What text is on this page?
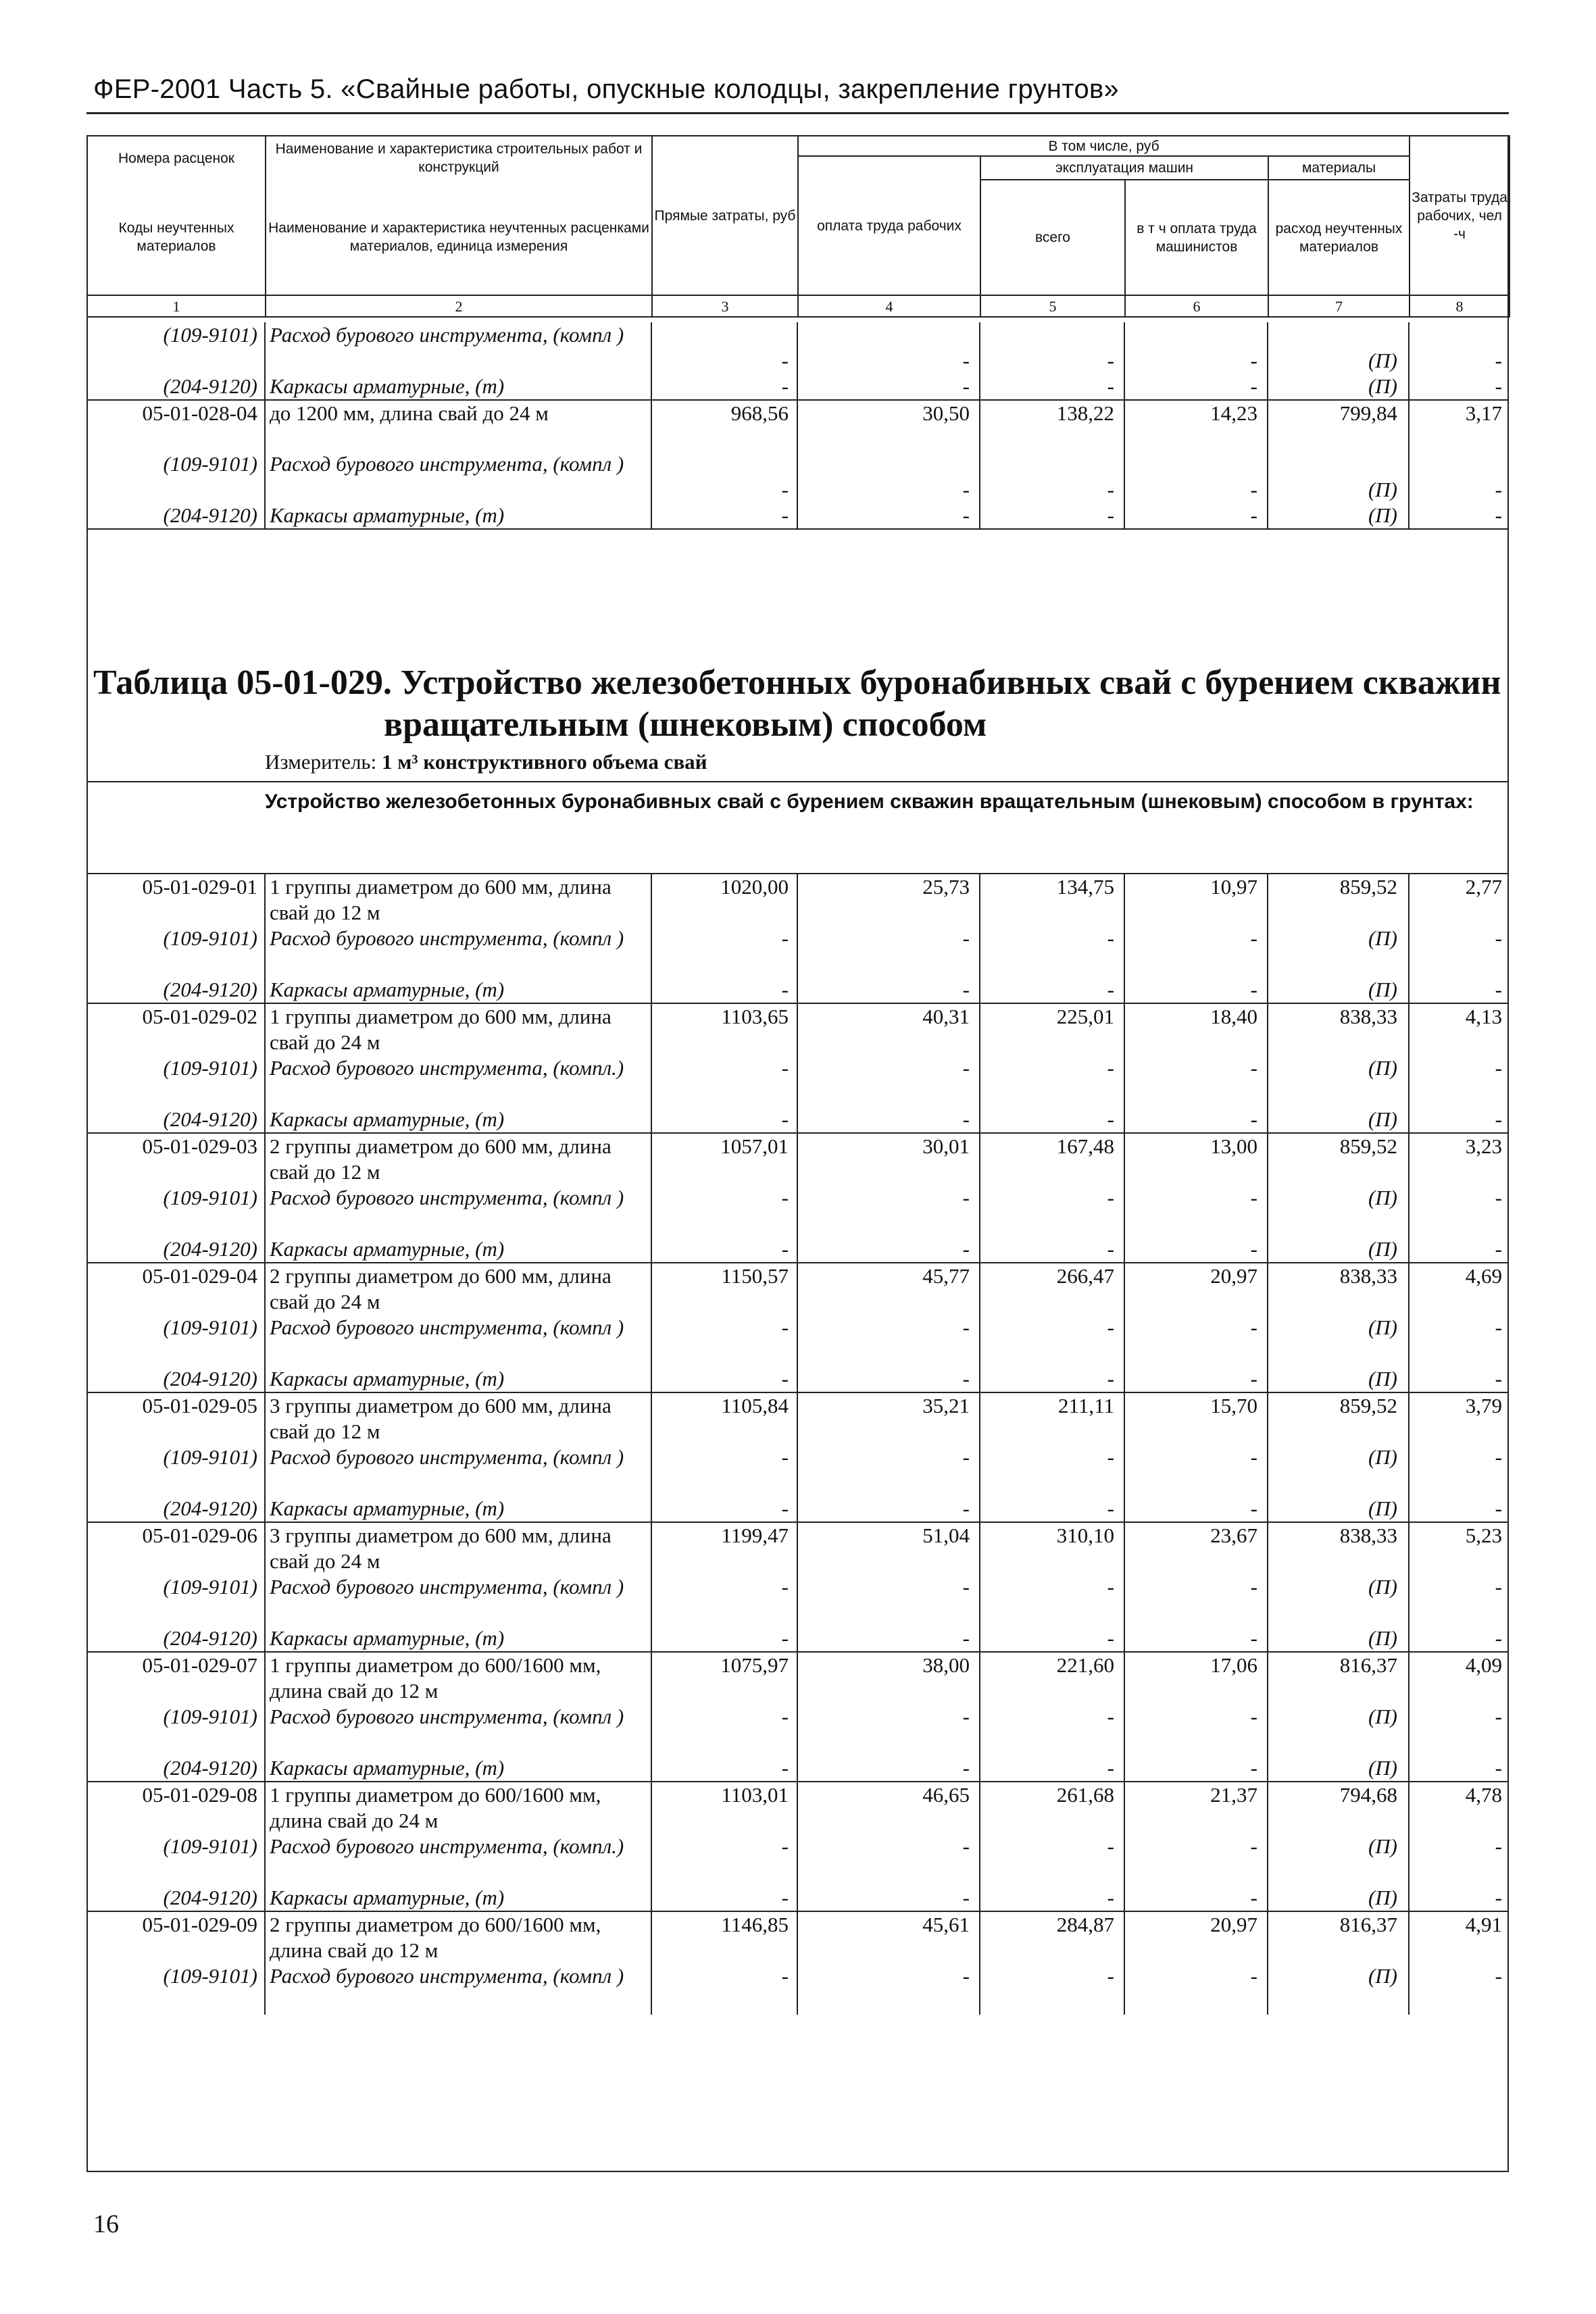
ФЕР-2001 Часть 5. «Свайные работы, опускные колодцы, закрепление грунтов»
Номера расценок	Наименование и характеристика строительных работ и конструкций	Прямые затраты, руб	В том числе, руб				Затраты труда рабочих, чел -ч
			оплата труда рабочих	эксплуатация машин		материалы	
Коды неучтенных материалов	Наименование и характеристика неучтенных расценками материалов, единица измерения			всего	в т ч оплата труда машинистов	расход неучтенных материалов	

1	2	3	4	5	6	7	8
(109-9101)	Расход бурового инструмента, (компл )	-	-	-	-	(П)	-
(204-9120)	Каркасы арматурные, (т)	-	-	-	-	(П)	-
05-01-028-04	до 1200 мм, длина свай до 24 м	968,56	30,50	138,22	14,23	799,84	3,17
(109-9101)	Расход бурового инструмента, (компл )	-	-	-	-	(П)	-
(204-9120)	Каркасы арматурные, (т)	-	-	-	-	(П)	-
Таблица 05-01-029. Устройство железобетонных буронабивных свай с бурением скважин
вращательным (шнековым) способом
Измеритель: 1 м³ конструктивного объема свай
Устройство железобетонных буронабивных свай с бурением скважин вращательным (шнековым) способом в грунтах:
05-01-029-01	1 группы диаметром до 600 мм, длина свай до 12 м	1020,00	25,73	134,75	10,97	859,52	2,77
(109-9101)	Расход бурового инструмента, (компл )	-	-	-	-	(П)	-
(204-9120)	Каркасы арматурные, (т)	-	-	-	-	(П)	-
05-01-029-02	1 группы диаметром до 600 мм, длина свай до 24 м	1103,65	40,31	225,01	18,40	838,33	4,13
(109-9101)	Расход бурового инструмента, (компл.)	-	-	-	-	(П)	-
(204-9120)	Каркасы арматурные, (т)	-	-	-	-	(П)	-
05-01-029-03	2 группы диаметром до 600 мм, длина свай до 12 м	1057,01	30,01	167,48	13,00	859,52	3,23
(109-9101)	Расход бурового инструмента, (компл )	-	-	-	-	(П)	-
(204-9120)	Каркасы арматурные, (т)	-	-	-	-	(П)	-
05-01-029-04	2 группы диаметром до 600 мм, длина свай до 24 м	1150,57	45,77	266,47	20,97	838,33	4,69
(109-9101)	Расход бурового инструмента, (компл )	-	-	-	-	(П)	-
(204-9120)	Каркасы арматурные, (т)	-	-	-	-	(П)	-
05-01-029-05	3 группы диаметром до 600 мм, длина свай до 12 м	1105,84	35,21	211,11	15,70	859,52	3,79
(109-9101)	Расход бурового инструмента, (компл )	-	-	-	-	(П)	-
(204-9120)	Каркасы арматурные, (т)	-	-	-	-	(П)	-
05-01-029-06	3 группы диаметром до 600 мм, длина свай до 24 м	1199,47	51,04	310,10	23,67	838,33	5,23
(109-9101)	Расход бурового инструмента, (компл )	-	-	-	-	(П)	-
(204-9120)	Каркасы арматурные, (т)	-	-	-	-	(П)	-
05-01-029-07	1 группы диаметром до 600/1600 мм, длина свай до 12 м	1075,97	38,00	221,60	17,06	816,37	4,09
(109-9101)	Расход бурового инструмента, (компл )	-	-	-	-	(П)	-
(204-9120)	Каркасы арматурные, (т)	-	-	-	-	(П)	-
05-01-029-08	1 группы диаметром до 600/1600 мм, длина свай до 24 м	1103,01	46,65	261,68	21,37	794,68	4,78
(109-9101)	Расход бурового инструмента, (компл.)	-	-	-	-	(П)	-
(204-9120)	Каркасы арматурные, (т)	-	-	-	-	(П)	-
05-01-029-09	2 группы диаметром до 600/1600 мм, длина свай до 12 м	1146,85	45,61	284,87	20,97	816,37	4,91
(109-9101)	Расход бурового инструмента, (компл )	-	-	-	-	(П)	-
16
